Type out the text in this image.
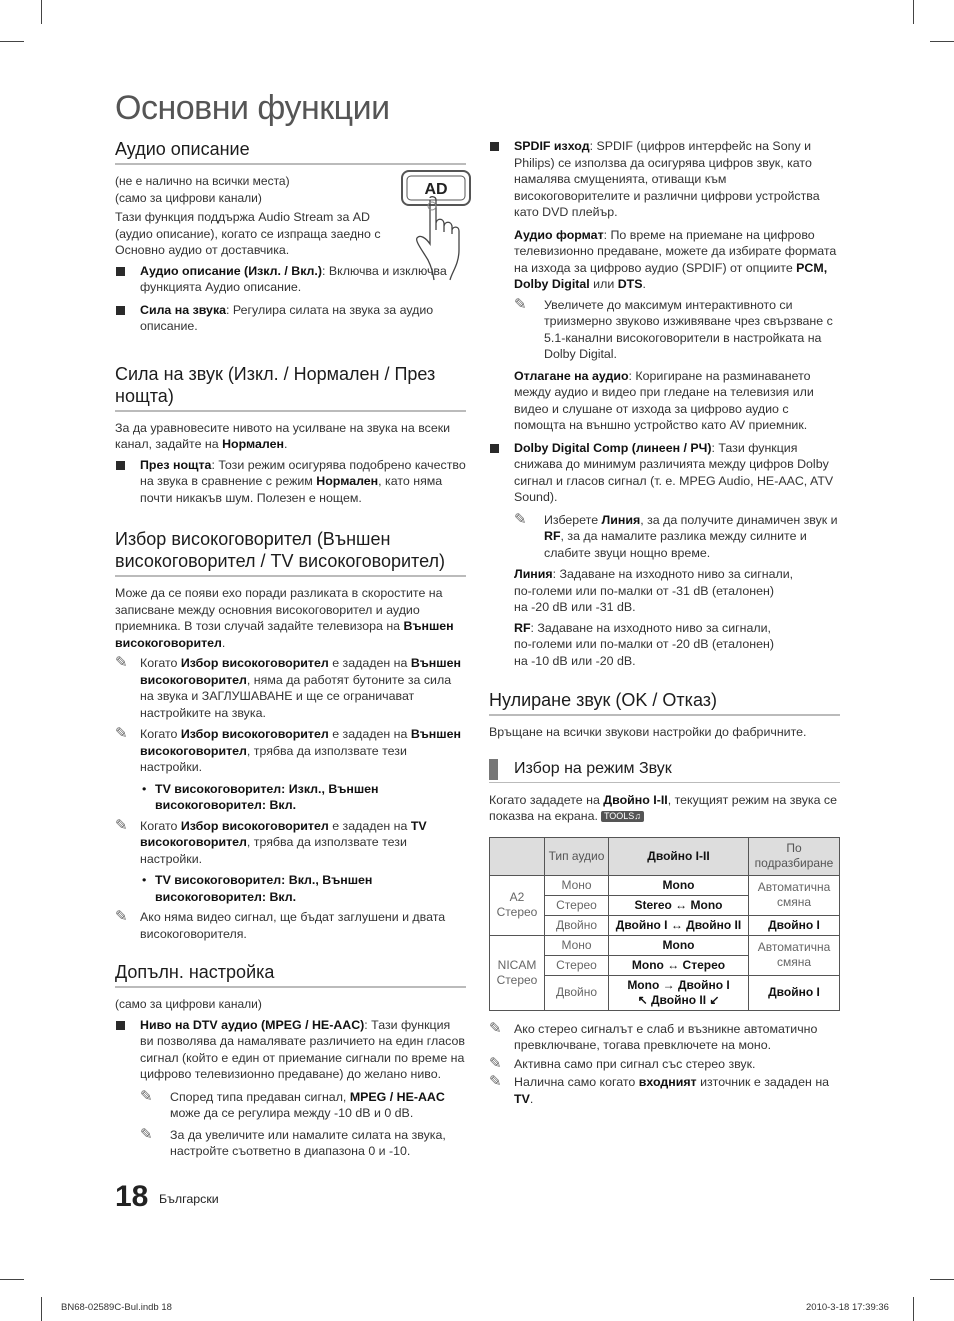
Основни функции
AD
Аудио описание
(не е налично на всички места)
(само за цифрови канали)

Тази функция поддържа Audio Stream за AD (аудио описание), когато се изпраща заедно с Основно аудио от доставчика.

Аудио описание (Изкл. / Вкл.): Включва и изключва функцията Аудио описание.
Сила на звука: Регулира силата на звука за аудио описание.
Сила на звук (Изкл. / Нормален / През нощта)

За да уравновесите нивото на усилване на звука на всеки канал, задайте на Нормален.

През нощта: Този режим осигурява подобрено качество на звука в сравнение с режим Нормален, като няма почти никакъв шум. Полезен е нощем.
Избор високоговорител (Външен високоговорител / TV високоговорител)

Може да се появи ехо поради разликата в скоростите на записване между основния високоговорител и аудио приемника. В този случай задайте телевизора на Външен високоговорител.

✎ Когато Избор високоговорител е зададен на Външен високоговорител, няма да работят бутоните за сила на звука и ЗАГЛУШАВАНЕ и ще се ограничават настройките на звука.
✎ Когато Избор високоговорител е зададен на Външен високоговорител, трябва да използвате тези настройки.
• TV високоговорител: Изкл., Външен високоговорител: Вкл.
✎ Когато Избор високоговорител е зададен на TV високоговорител, трябва да използвате тези настройки.
• TV високоговорител: Вкл., Външен високоговорител: Вкл.
✎ Ако няма видео сигнал, ще бъдат заглушени и двата високоговорителя.
Допълн. настройка

(само за цифрови канали)

Ниво на DTV аудио (MPEG / HE-AAC): Тази функция ви позволява да намалявате различието на един гласов сигнал (който е един от приемание сигнали по време на цифрово телевизионно предаване) до желано ниво.
✎ Според типа предаван сигнал, MPEG / HE-AAC може да се регулира между -10 dB и 0 dB.
✎ За да увеличите или намалите силата на звука, настройте съответно в диапазона 0 и -10.
SPDIF изход: SPDIF (цифров интерфейс на Sony и Philips) се използва да осигурява цифров звук, като намалява смущенията, отиващи към високоговорителите и различни цифрови устройства като DVD плейър.

Аудио формат: По време на приемане на цифрово телевизионно предаване, можете да избирате формата на изхода за цифрово аудио (SPDIF) от опциите PCM, Dolby Digital или DTS.

✎ Увеличете до максимум интерактивното си триизмерно звуково изживяване чрез свързване с 5.1-канални високоговорители в настройката на Dolby Digital.

Отлагане на аудио: Коригиране на разминаването между аудио и видео при гледане на телевизия или видео и слушане от изхода за цифрово аудио с помощта на външно устройство като AV приемник.

Dolby Digital Comp (линеен / РЧ): Тази функция снижава до минимум различията между цифров Dolby сигнал и гласов сигнал (т. е. MPEG Audio, HE-AAC, ATV Sound).
✎ Изберете Линия, за да получите динамичен звук и RF, за да намалите разлика между силните и слабите звуци нощно време.

Линия: Задаване на изходното ниво за сигнали,
по-големи или по-малки от -31 dB (еталонен)
на -20 dB или -31 dB.

RF: Задаване на изходното ниво за сигнали,
по-големи или по-малки от -20 dB (еталонен)
на -10 dB или -20 dB.

Нулиране звук (OK / Отказ)

Връщане на всички звукови настройки до фабричните.

Избор на режим Звук

Когато зададете на Двойно I-II, текущият режим на звука се показва на екрана. TOOLS♫

	Тип аудио	Двойно I-II	По подразбиране
A2 Стерео	Моно	Mono	Автоматична смяна
	Стерео	Stereo ↔ Mono	
	Двойно	Двойно I ↔ Двойно II	Двойно I
NICAM Стерео	Моно	Mono	Автоматична смяна
	Стерео	Mono ↔ Стерео	
	Двойно	Mono → Двойно I
↖ Двойно II ↙	Двойно I
✎ Ако стерео сигналът е слаб и възникне автоматично превключване, тогава превключете на моно.
✎ Активна само при сигнал със стерео звук.
✎ Налична само когато входният източник е зададен на TV.
18 Български
BN68-02589C-Bul.indb 18	2010-3-18 17:39:36
